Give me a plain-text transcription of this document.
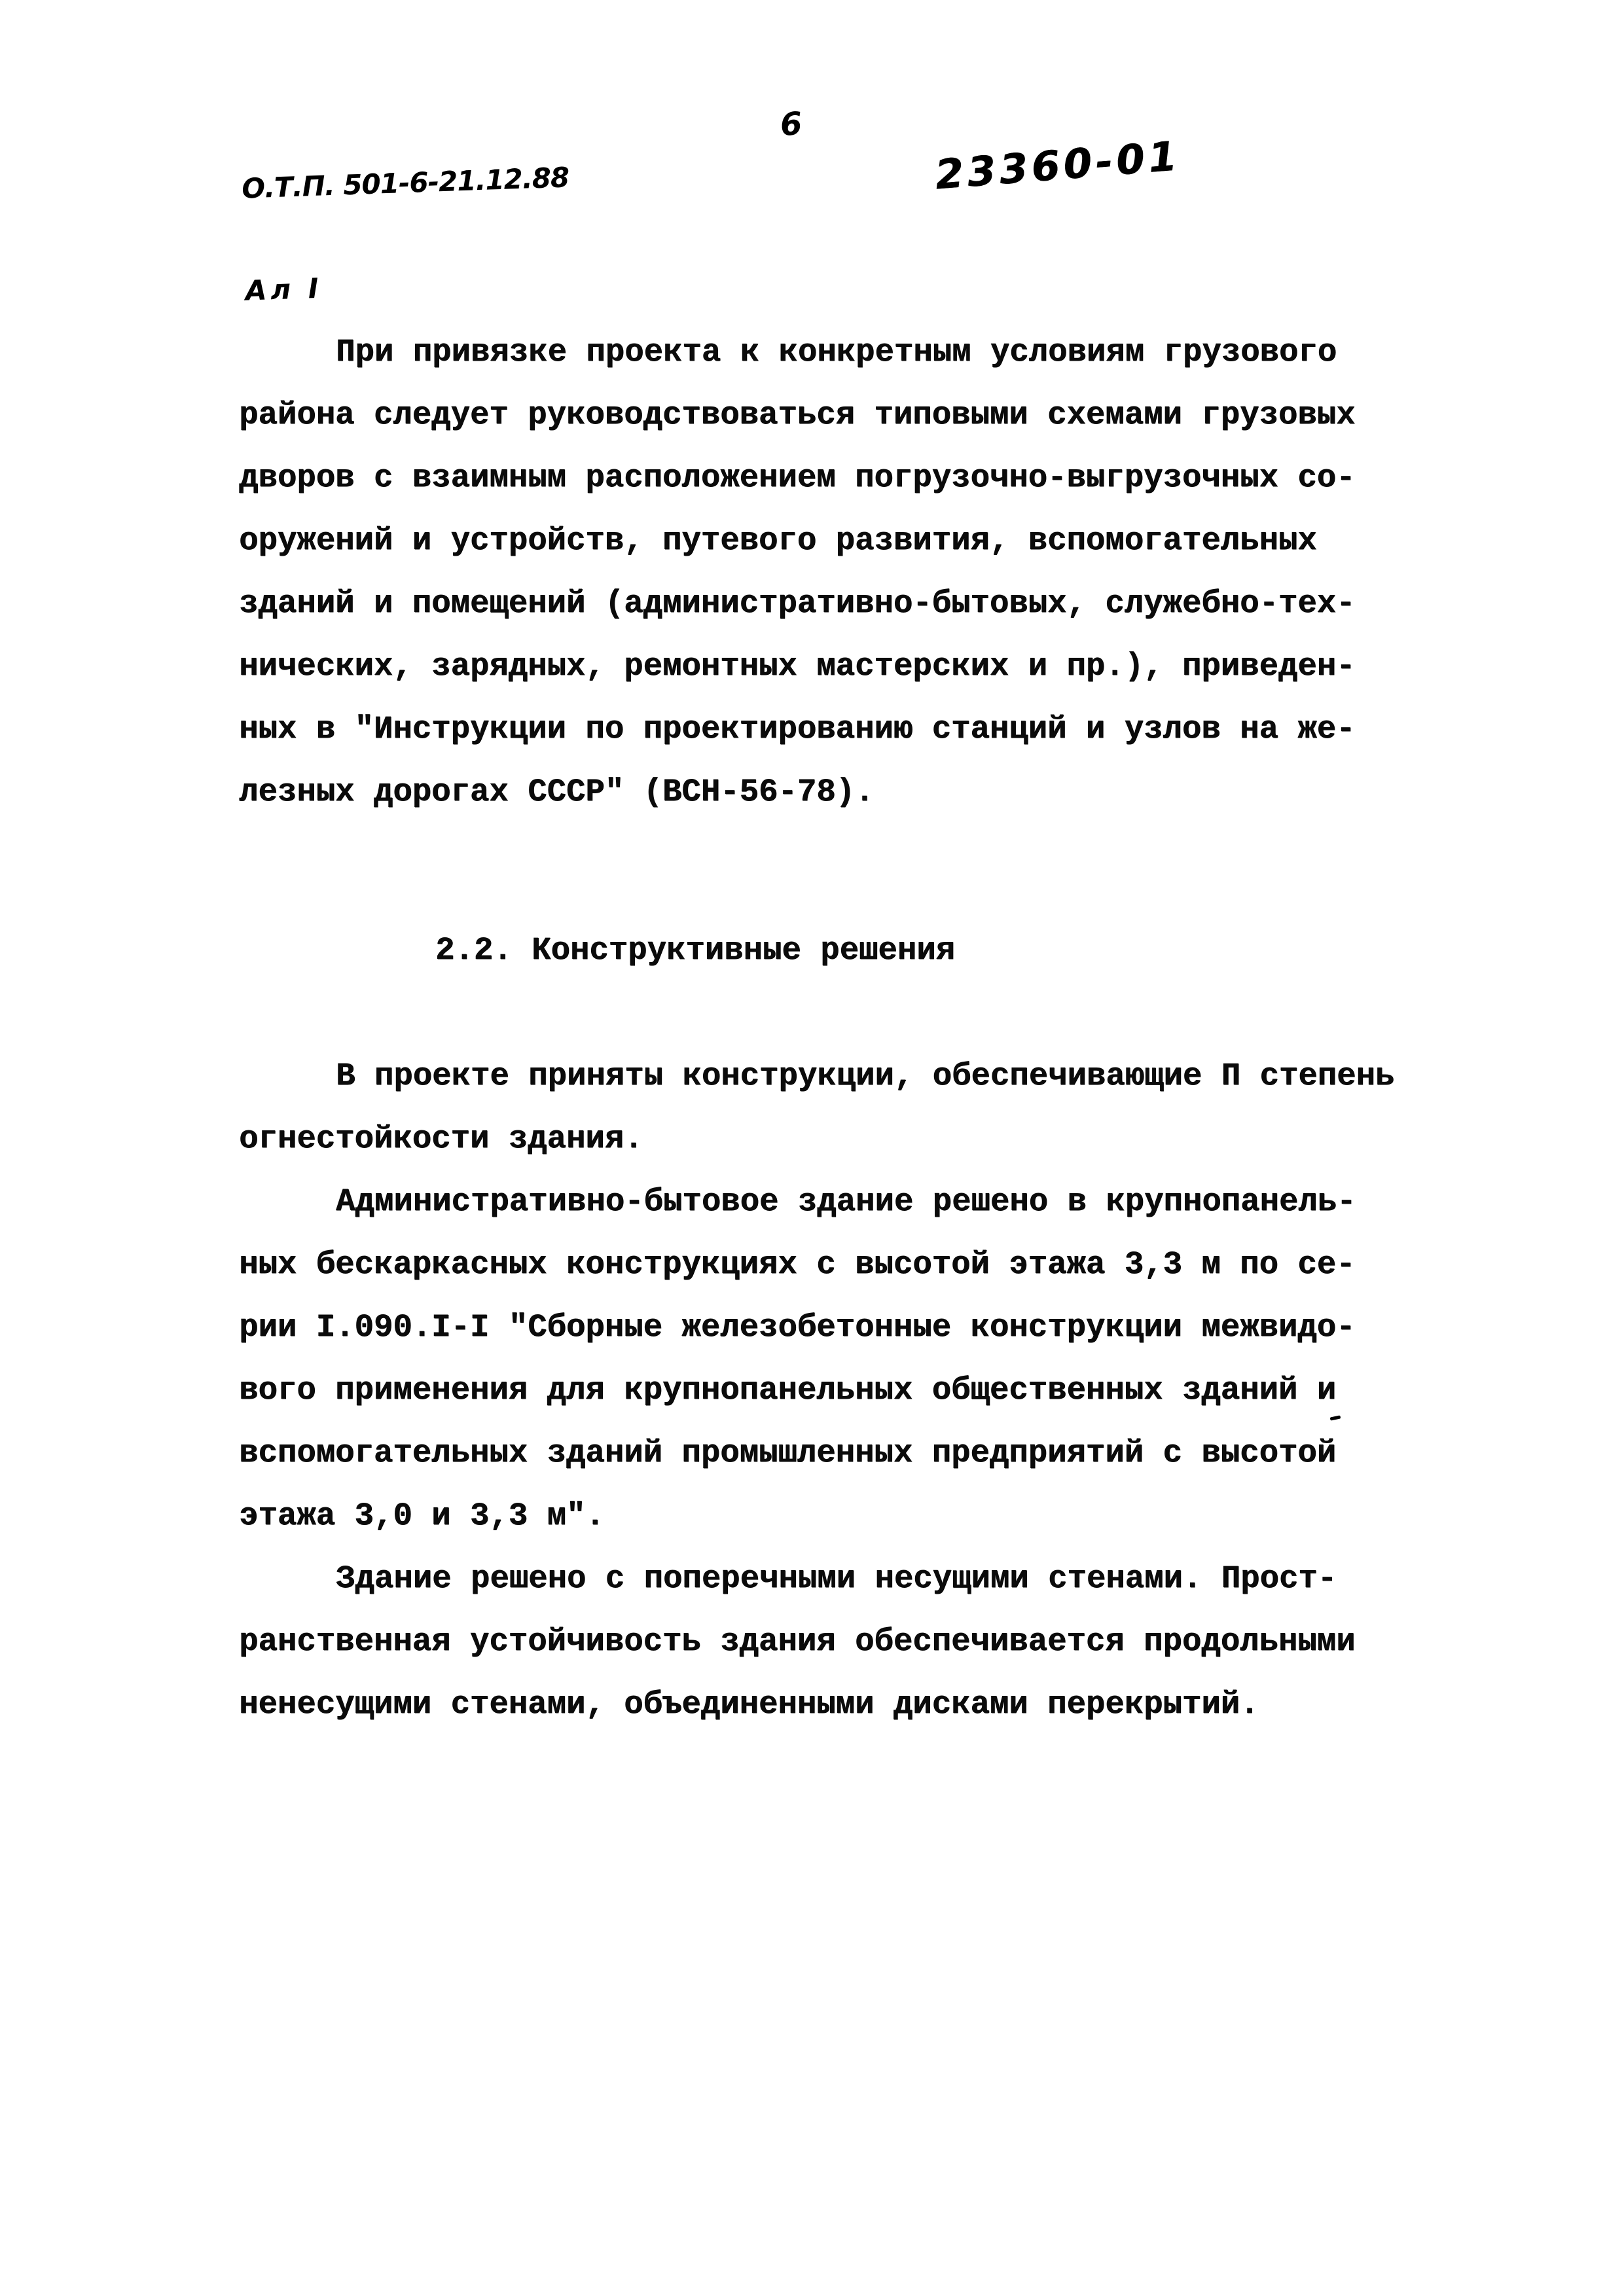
О.Т.П. 501-6-21.12.88

Ал I

6
23360-01
При привязке проекта к конкретным условиям грузового
района следует руководствоваться типовыми схемами грузовых
дворов с взаимным расположением погрузочно-выгрузочных со-
оружений и устройств, путевого развития, вспомогательных
зданий и помещений (административно-бытовых, служебно-тех-
нических, зарядных, ремонтных мастерских и пр.), приведен-
ных в "Инструкции по проектированию станций и узлов на же-
лезных дорогах СССР" (ВСН-56-78).
2.2. Конструктивные решения
В проекте приняты конструкции, обеспечивающие П степень
огнестойкости здания.
Административно-бытовое здание решено в крупнопанель-
ных бескаркасных конструкциях с высотой этажа 3,3 м по се-
рии I.090.I-I "Сборные железобетонные конструкции межвидо-
вого применения для крупнопанельных общественных зданий и
вспомогательных зданий промышленных предприятий с высотой
этажа 3,0 и 3,3 м".
Здание решено с поперечными несущими стенами. Прост-
ранственная устойчивость здания обеспечивается продольными
ненесущими стенами, объединенными дисками перекрытий.
